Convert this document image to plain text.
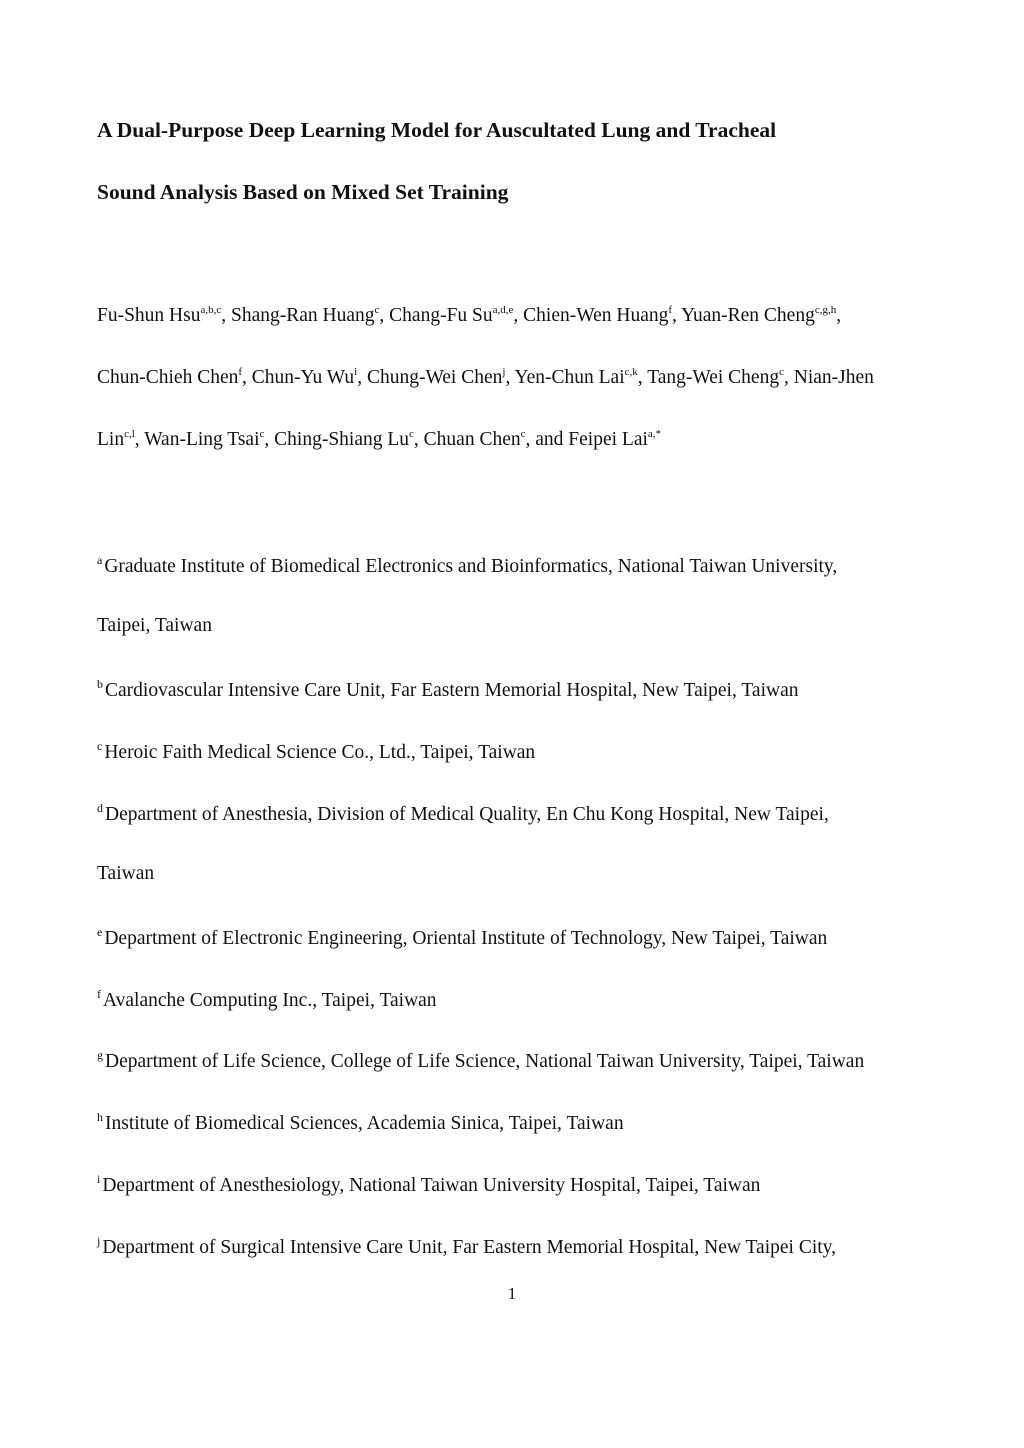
A Dual-Purpose Deep Learning Model for Auscultated Lung and Tracheal
Sound Analysis Based on Mixed Set Training
Fu-Shun Hsu$^{a,b,c}$, Shang-Ran Huang$^c$, Chang-Fu Su$^{a,d,e}$, Chien-Wen Huang$^f$, Yuan-Ren Cheng$^{c,g,h}$,
Chun-Chieh Chen$^f$, Chun-Yu Wu$^i$, Chung-Wei Chen$^j$, Yen-Chun Lai$^{c,k}$, Tang-Wei Cheng$^c$, Nian-Jhen
Lin$^{c,l}$, Wan-Ling Tsai$^c$, Ching-Shiang Lu$^c$, Chuan Chen$^c$, and Feipei Lai$^{a,*}$
$^a$ Graduate Institute of Biomedical Electronics and Bioinformatics, National Taiwan University,
Taipei, Taiwan
$^b$ Cardiovascular Intensive Care Unit, Far Eastern Memorial Hospital, New Taipei, Taiwan
$^c$ Heroic Faith Medical Science Co., Ltd., Taipei, Taiwan
$^d$ Department of Anesthesia, Division of Medical Quality, En Chu Kong Hospital, New Taipei,
Taiwan
$^e$ Department of Electronic Engineering, Oriental Institute of Technology, New Taipei, Taiwan
$^f$ Avalanche Computing Inc., Taipei, Taiwan
$^g$ Department of Life Science, College of Life Science, National Taiwan University, Taipei, Taiwan
$^h$ Institute of Biomedical Sciences, Academia Sinica, Taipei, Taiwan
$^i$ Department of Anesthesiology, National Taiwan University Hospital, Taipei, Taiwan
$^j$ Department of Surgical Intensive Care Unit, Far Eastern Memorial Hospital, New Taipei City,
1
